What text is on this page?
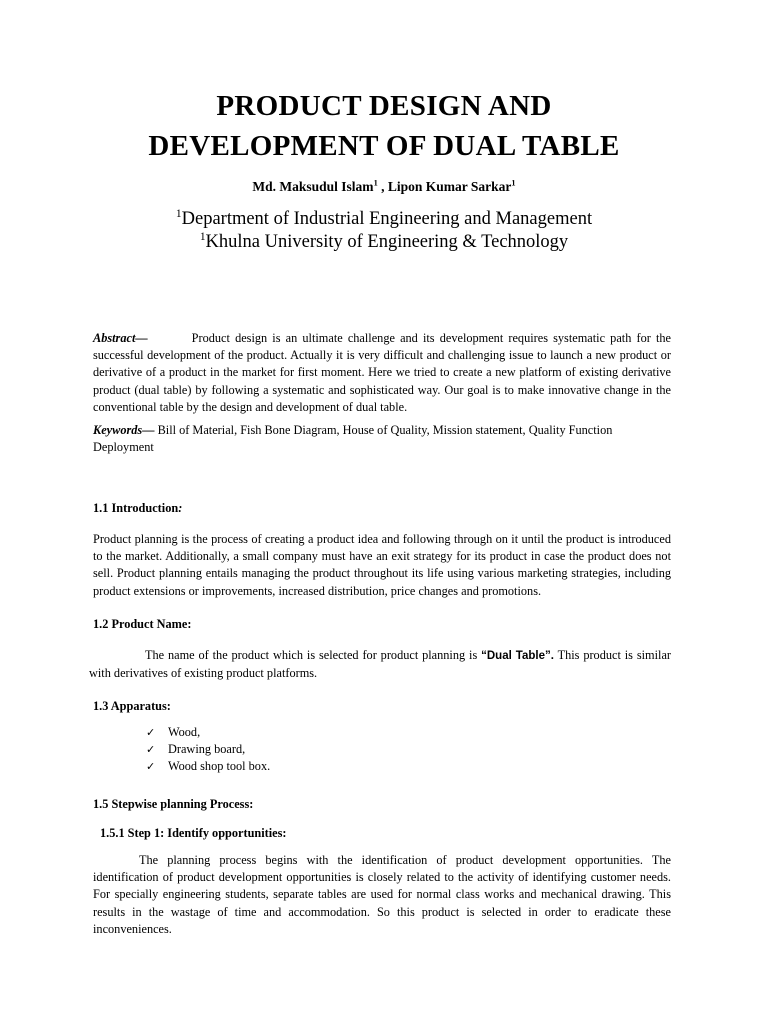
PRODUCT DESIGN AND
DEVELOPMENT OF DUAL TABLE
Md. Maksudul Islam$^1$ , Lipon Kumar Sarkar$^1$
$^1$Department of Industrial Engineering and Management
$^1$Khulna University of Engineering & Technology
Abstract—	Product design is an ultimate challenge and its development requires systematic path for the successful development of the product. Actually it is very difficult and challenging issue to launch a new product or derivative of a product in the market for first moment. Here we tried to create a new platform of existing derivative product (dual table) by following a systematic and sophisticated way. Our goal is to make innovative change in the conventional table by the design and development of dual table.
Keywords— Bill of Material, Fish Bone Diagram, House of Quality, Mission statement, Quality Function Deployment
1.1 Introduction:
Product planning is the process of creating a product idea and following through on it until the product is introduced to the market. Additionally, a small company must have an exit strategy for its product in case the product does not sell. Product planning entails managing the product throughout its life using various marketing strategies, including product extensions or improvements, increased distribution, price changes and promotions.
1.2 Product Name:
The name of the product which is selected for product planning is “Dual Table”. This product is similar with derivatives of existing product platforms.
1.3 Apparatus:
✓	Wood,
✓	Drawing board,
✓	Wood shop tool box.
1.5 Stepwise planning Process:
1.5.1 Step 1: Identify opportunities:
The planning process begins with the identification of product development opportunities. The identification of product development opportunities is closely related to the activity of identifying customer needs. For specially engineering students, separate tables are used for normal class works and mechanical drawing. This results in the wastage of time and accommodation. So this product is selected in order to eradicate these inconveniences.
